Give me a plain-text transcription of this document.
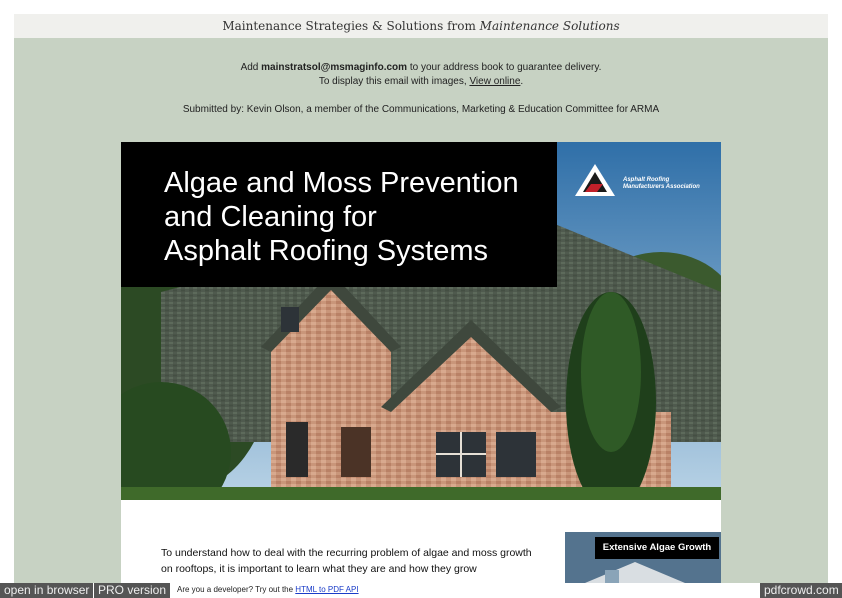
Maintenance Strategies & Solutions from Maintenance Solutions
Add mainstratsol@msmaginfo.com to your address book to guarantee delivery.
To display this email with images, View online.
Submitted by: Kevin Olson, a member of the Communications, Marketing & Education Committee for ARMA
Algae and Moss Prevention
and Cleaning for
Asphalt Roofing Systems
Asphalt Roofing
Manufacturers Association
To understand how to deal with the recurring problem of algae and moss growth on rooftops, it is important to learn what they are and how they grow
Extensive Algae Growth
open in browser PRO version	Are you a developer? Try out the HTML to PDF API	pdfcrowd.com
